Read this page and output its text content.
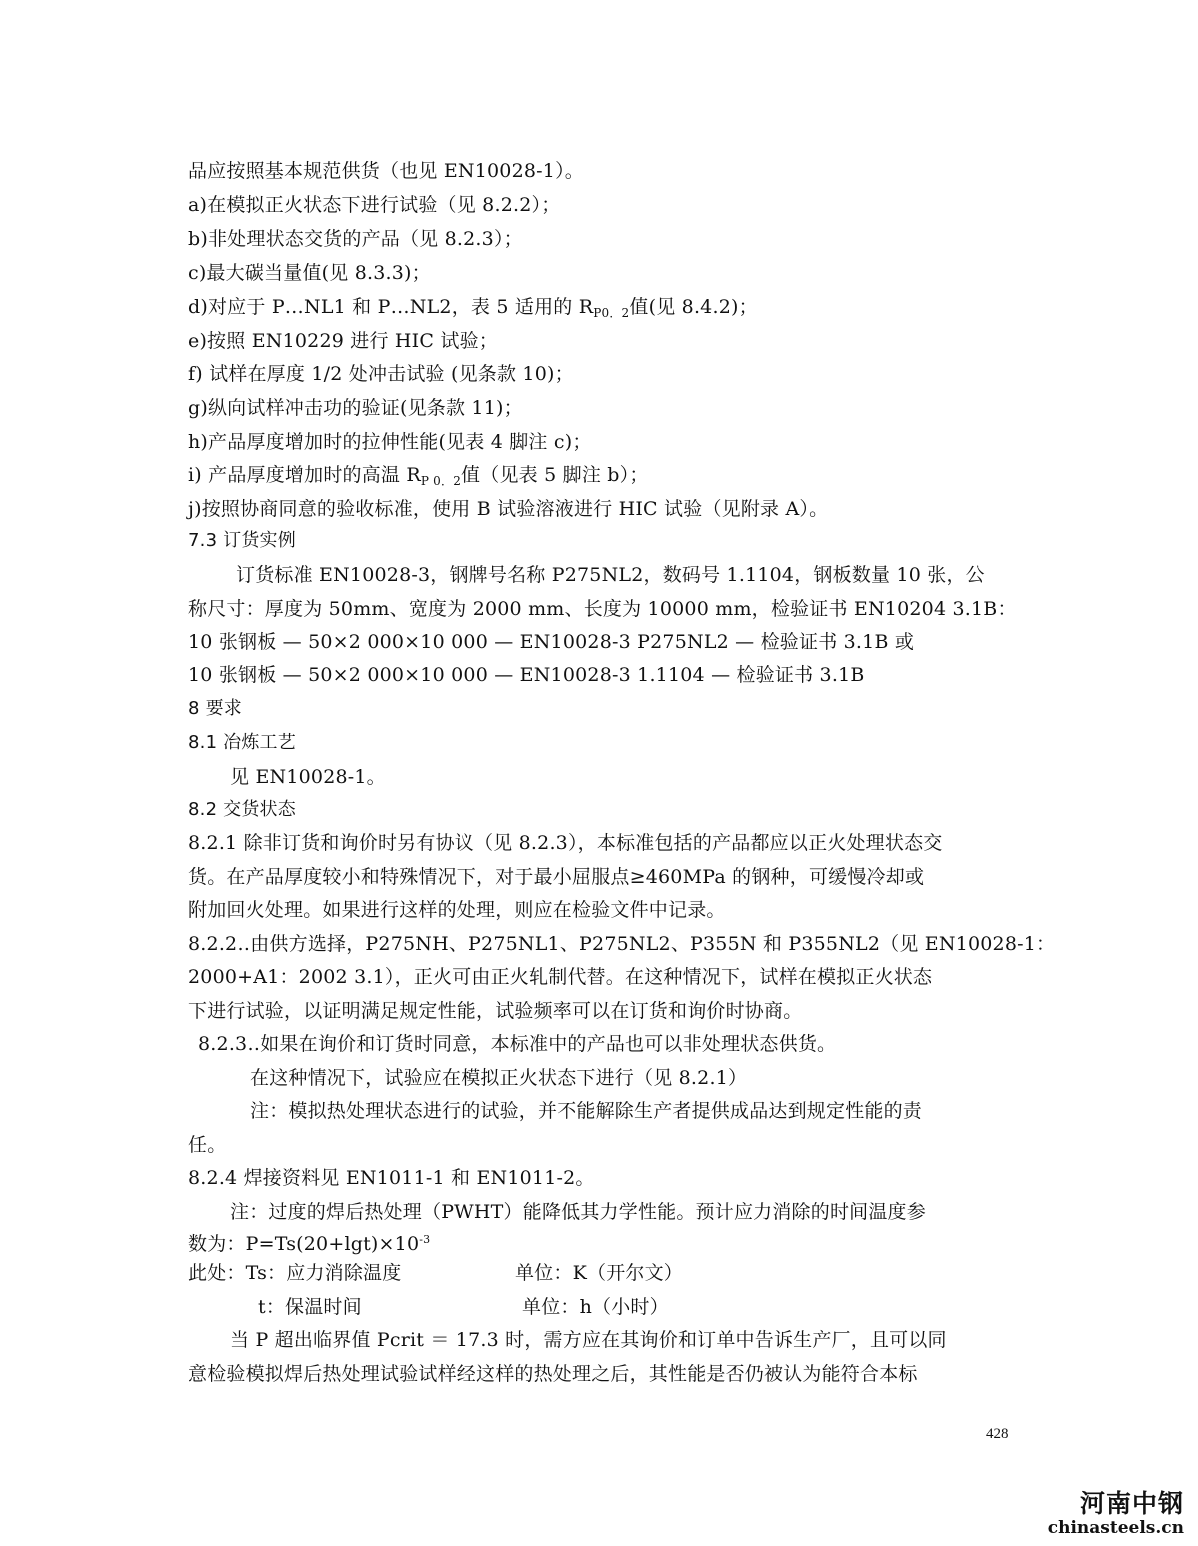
品应按照基本规范供货（也见 EN10028-1）。
a)在模拟正火状态下进行试验（见 8.2.2）；
b)非处理状态交货的产品（见 8.2.3）；
c)最大碳当量值(见 8.3.3)；
d)对应于 P…NL1 和 P…NL2，表 5 适用的 $R_{P0.2}$值(见 8.4.2)；
e)按照 EN10229 进行 HIC 试验；
f) 试样在厚度 1/2 处冲击试验 (见条款 10)；
g)纵向试样冲击功的验证(见条款 11)；
h)产品厚度增加时的拉伸性能(见表 4 脚注 c)；
i) 产品厚度增加时的高温 $R_{P 0.2}$值（见表 5 脚注 b）；
j)按照协商同意的验收标准，使用 B 试验溶液进行 HIC 试验（见附录 A）。
7.3 订货实例
订货标准 EN10028-3，钢牌号名称 P275NL2，数码号 1.1104，钢板数量 10 张，公
称尺寸：厚度为 50mm、宽度为 2000 mm、长度为 10000 mm，检验证书 EN10204 3.1B：
10 张钢板 — 50×2 000×10 000 — EN10028-3 P275NL2 — 检验证书 3.1B 或
10 张钢板 — 50×2 000×10 000 — EN10028-3 1.1104 — 检验证书 3.1B
8 要求
8.1 冶炼工艺
见 EN10028-1。
8.2 交货状态
8.2.1 除非订货和询价时另有协议（见 8.2.3），本标准包括的产品都应以正火处理状态交
货。在产品厚度较小和特殊情况下，对于最小屈服点≥460MPa 的钢种，可缓慢冷却或
附加回火处理。如果进行这样的处理，则应在检验文件中记录。
8.2.2‥由供方选择，P275NH、P275NL1、P275NL2、P355N 和 P355NL2（见 EN10028-1：
2000+A1：2002 3.1），正火可由正火轧制代替。在这种情况下，试样在模拟正火状态
下进行试验，以证明满足规定性能，试验频率可以在订货和询价时协商。
8.2.3‥如果在询价和订货时同意，本标准中的产品也可以非处理状态供货。
在这种情况下，试验应在模拟正火状态下进行（见 8.2.1）
注：模拟热处理状态进行的试验，并不能解除生产者提供成品达到规定性能的责
任。
8.2.4 焊接资料见 EN1011-1 和 EN1011-2。
注：过度的焊后热处理（PWHT）能降低其力学性能。预计应力消除的时间温度参
数为：$P=Ts(20+\lg t)\times 10^{-3}$
此处：Ts：应力消除温度	单位：K（开尔文）
t：保温时间	单位：h（小时）
当 P 超出临界值 Pcrit ＝ 17.3 时，需方应在其询价和订单中告诉生产厂，且可以同
意检验模拟焊后热处理试验试样经这样的热处理之后，其性能是否仍被认为能符合本标
428
河南中钢
chinasteels.cn
